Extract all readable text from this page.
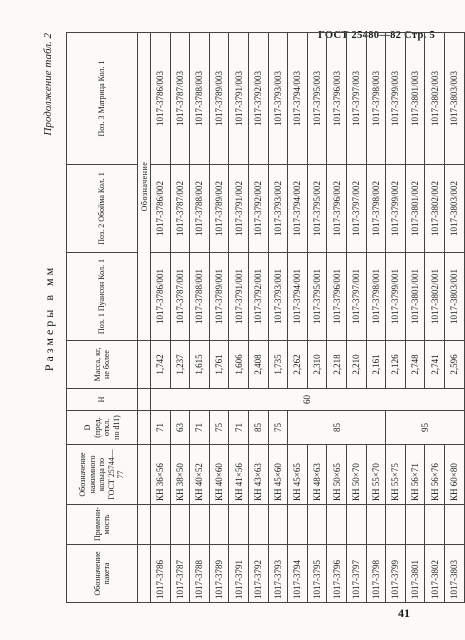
ГОСТ 25480—82 Стр. 5
41
Размеры в мм
Продолжение табл. 2
Обозначение пакета	Примени-мость	Обозначение нажимного кольца по ГОСТ 25744—77	D (пред. откл. по d11)	H	Масса, кг, не более	Поз. 1 Пуансон Кол. 1	Поз. 2 Обойма Кол. 1	Поз. 3 Матрица Кол. 1
						Обозначение		
1017-3786		КН 36×56	71	60	1,742	1017-3786/001	1017-3786/002	1017-3786/003
1017-3787		КН 38×50	63		1,237	1017-3787/001	1017-3787/002	1017-3787/003
1017-3788		КН 40×52	71		1,615	1017-3788/001	1017-3788/002	1017-3788/003
1017-3789		КН 40×60	75		1,761	1017-3789/001	1017-3789/002	1017-3789/003
1017-3791		КН 41×56	71		1,606	1017-3791/001	1017-3791/002	1017-3791/003
1017-3792		КН 43×63	85		2,408	1017-3792/001	1017-3792/002	1017-3792/003
1017-3793		КН 45×60	75		1,735	1017-3793/001	1017-3793/002	1017-3793/003
1017-3794		КН 45×65	85		2,262	1017-3794/001	1017-3794/002	1017-3794/003
1017-3795		КН 48×63			2,310	1017-3795/001	1017-3795/002	1017-3795/003
1017-3796		КН 50×65			2,218	1017-3796/001	1017-3796/002	1017-3796/003
1017-3797		КН 50×70			2,210	1017-3797/001	1017-3797/002	1017-3797/003
1017-3798		КН 55×70			2,161	1017-3798/001	1017-3798/002	1017-3798/003
1017-3799		КН 55×75	95		2,126	1017-3799/001	1017-3799/002	1017-3799/003
1017-3801		КН 56×71			2,748	1017-3801/001	1017-3801/002	1017-3801/003
1017-3802		КН 56×76			2,741	1017-3802/001	1017-3802/002	1017-3802/003
1017-3803		КН 60×80			2,596	1017-3803/001	1017-3803/002	1017-3803/003
